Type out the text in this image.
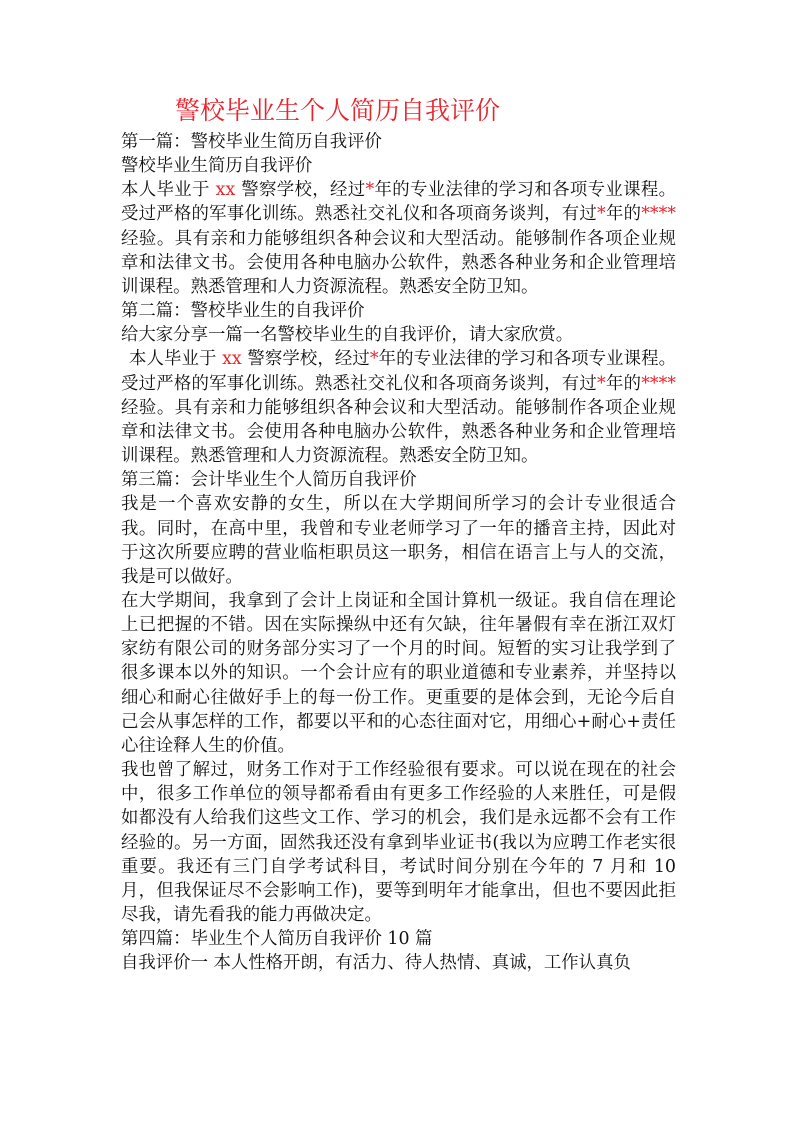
警校毕业生个人简历自我评价

第一篇：警校毕业生简历自我评价

警校毕业生简历自我评价

本人毕业于 xx 警察学校，经过*年的专业法律的学习和各项专业课程。受过严格的军事化训练。熟悉社交礼仪和各项商务谈判，有过*年的****经验。具有亲和力能够组织各种会议和大型活动。能够制作各项企业规章和法律文书。会使用各种电脑办公软件，熟悉各种业务和企业管理培训课程。熟悉管理和人力资源流程。熟悉安全防卫知。

第二篇：警校毕业生的自我评价

给大家分享一篇一名警校毕业生的自我评价，请大家欣赏。

本人毕业于 xx 警察学校，经过*年的专业法律的学习和各项专业课程。受过严格的军事化训练。熟悉社交礼仪和各项商务谈判，有过*年的****经验。具有亲和力能够组织各种会议和大型活动。能够制作各项企业规章和法律文书。会使用各种电脑办公软件，熟悉各种业务和企业管理培训课程。熟悉管理和人力资源流程。熟悉安全防卫知。

第三篇：会计毕业生个人简历自我评价

我是一个喜欢安静的女生，所以在大学期间所学习的会计专业很适合我。同时，在高中里，我曾和专业老师学习了一年的播音主持，因此对于这次所要应聘的营业临柜职员这一职务，相信在语言上与人的交流，我是可以做好。

在大学期间，我拿到了会计上岗证和全国计算机一级证。我自信在理论上已把握的不错。因在实际操纵中还有欠缺，往年暑假有幸在浙江双灯家纺有限公司的财务部分实习了一个月的时间。短暂的实习让我学到了很多课本以外的知识。一个会计应有的职业道德和专业素养，并坚持以细心和耐心往做好手上的每一份工作。更重要的是体会到，无论今后自己会从事怎样的工作，都要以平和的心态往面对它，用细心+耐心+责任心往诠释人生的价值。

我也曾了解过，财务工作对于工作经验很有要求。可以说在现在的社会中，很多工作单位的领导都希看由有更多工作经验的人来胜任，可是假如都没有人给我们这些文工作、学习的机会，我们是永远都不会有工作经验的。另一方面，固然我还没有拿到毕业证书(我以为应聘工作老实很重要。我还有三门自学考试科目，考试时间分别在今年的 7 月和 10 月，但我保证尽不会影响工作)，要等到明年才能拿出，但也不要因此拒尽我，请先看我的能力再做决定。

第四篇：毕业生个人简历自我评价 10 篇

自我评价一 本人性格开朗，有活力、待人热情、真诚，工作认真负
